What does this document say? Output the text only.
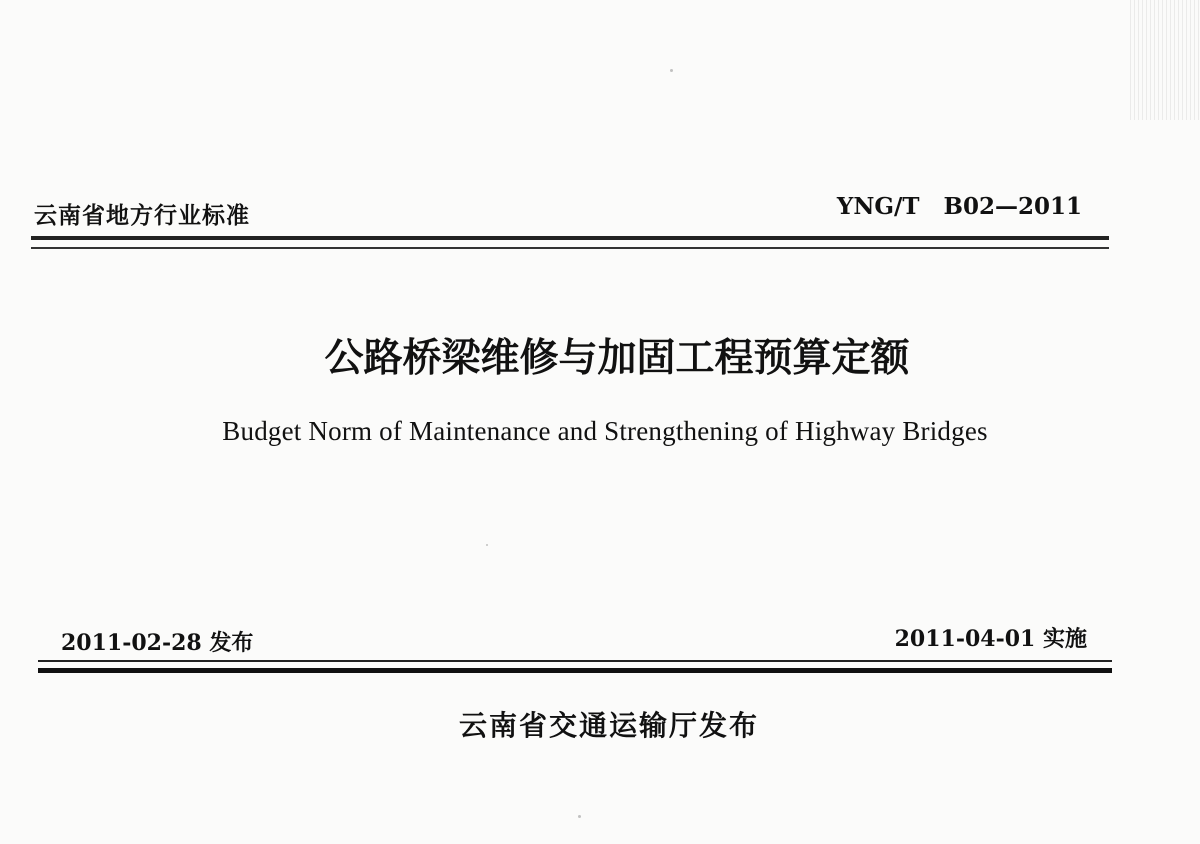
云南省地方行业标准	YNG/T   B02—2011
公路桥梁维修与加固工程预算定额
Budget Norm of Maintenance and Strengthening of Highway Bridges
2011-02-28 发布	2011-04-01 实施
云南省交通运输厅发布
